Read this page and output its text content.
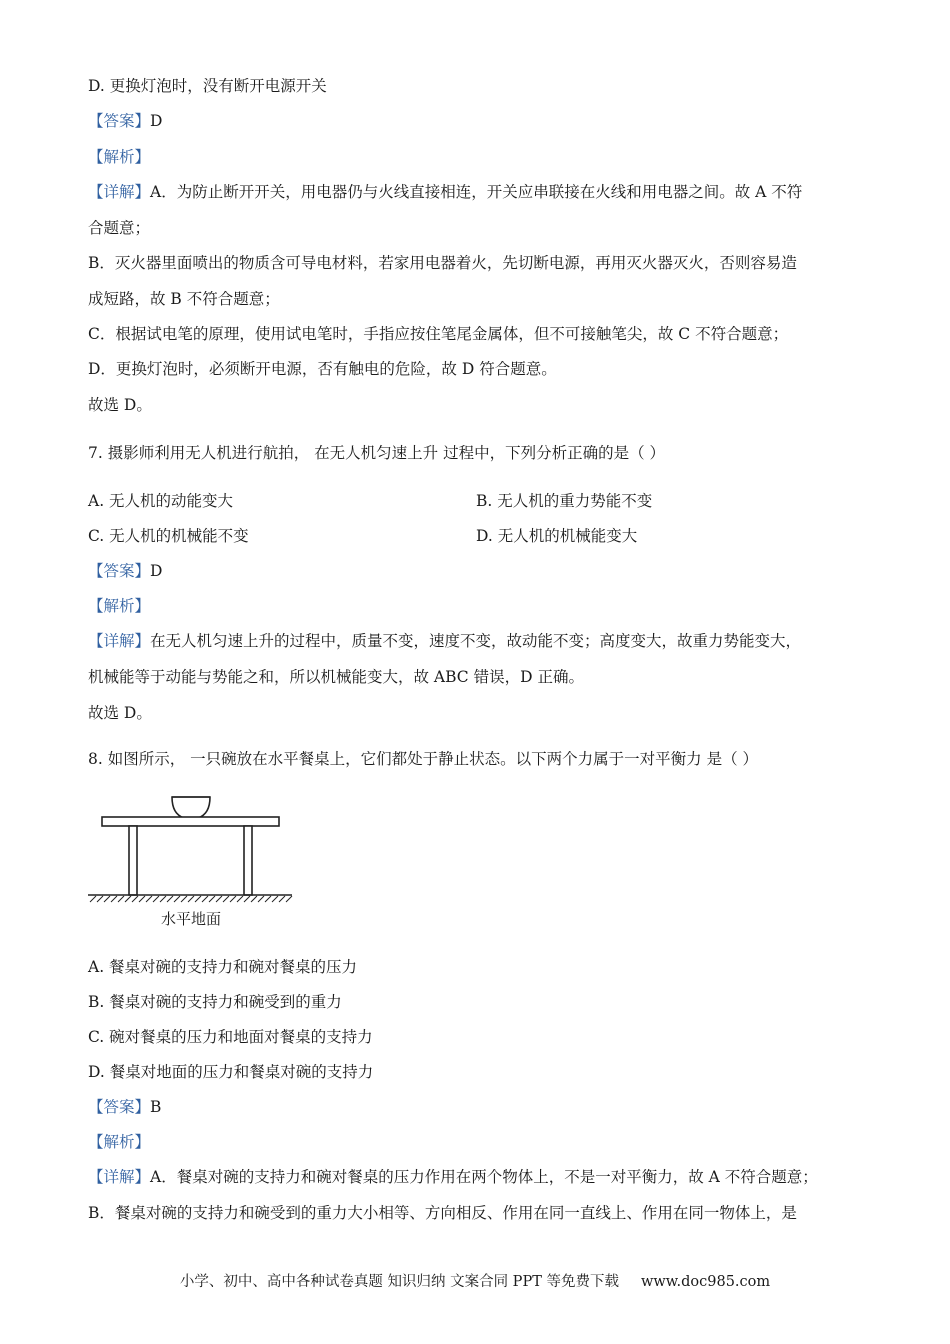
D. 更换灯泡时，没有断开电源开关
【答案】D
【解析】
【详解】A．为防止断开开关，用电器仍与火线直接相连，开关应串联接在火线和用电器之间。故 A 不符
合题意；
B．灭火器里面喷出的物质含可导电材料，若家用电器着火，先切断电源，再用灭火器灭火，否则容易造
成短路，故 B 不符合题意；
C．根据试电笔的原理，使用试电笔时，手指应按住笔尾金属体，但不可接触笔尖，故 C 不符合题意；
D．更换灯泡时，必须断开电源，否有触电的危险，故 D 符合题意。
故选 D。
7. 摄影师利用无人机进行航拍， 在无人机匀速上升 过程中，下列分析正确的是（ ）
A. 无人机的动能变大	B. 无人机的重力势能不变
C. 无人机的机械能不变	D. 无人机的机械能变大
【答案】D
【解析】
【详解】在无人机匀速上升的过程中，质量不变，速度不变，故动能不变；高度变大，故重力势能变大，
机械能等于动能与势能之和，所以机械能变大，故 ABC 错误，D 正确。
故选 D。
8. 如图所示， 一只碗放在水平餐桌上，它们都处于静止状态。以下两个力属于一对平衡力 是（ ）
水平地面
A. 餐桌对碗的支持力和碗对餐桌的压力
B. 餐桌对碗的支持力和碗受到的重力
C. 碗对餐桌的压力和地面对餐桌的支持力
D. 餐桌对地面的压力和餐桌对碗的支持力
【答案】B
【解析】
【详解】A．餐桌对碗的支持力和碗对餐桌的压力作用在两个物体上，不是一对平衡力，故 A 不符合题意；
B．餐桌对碗的支持力和碗受到的重力大小相等、方向相反、作用在同一直线上、作用在同一物体上，是
小学、初中、高中各种试卷真题 知识归纳 文案合同 PPT 等免费下载 www.doc985.com
